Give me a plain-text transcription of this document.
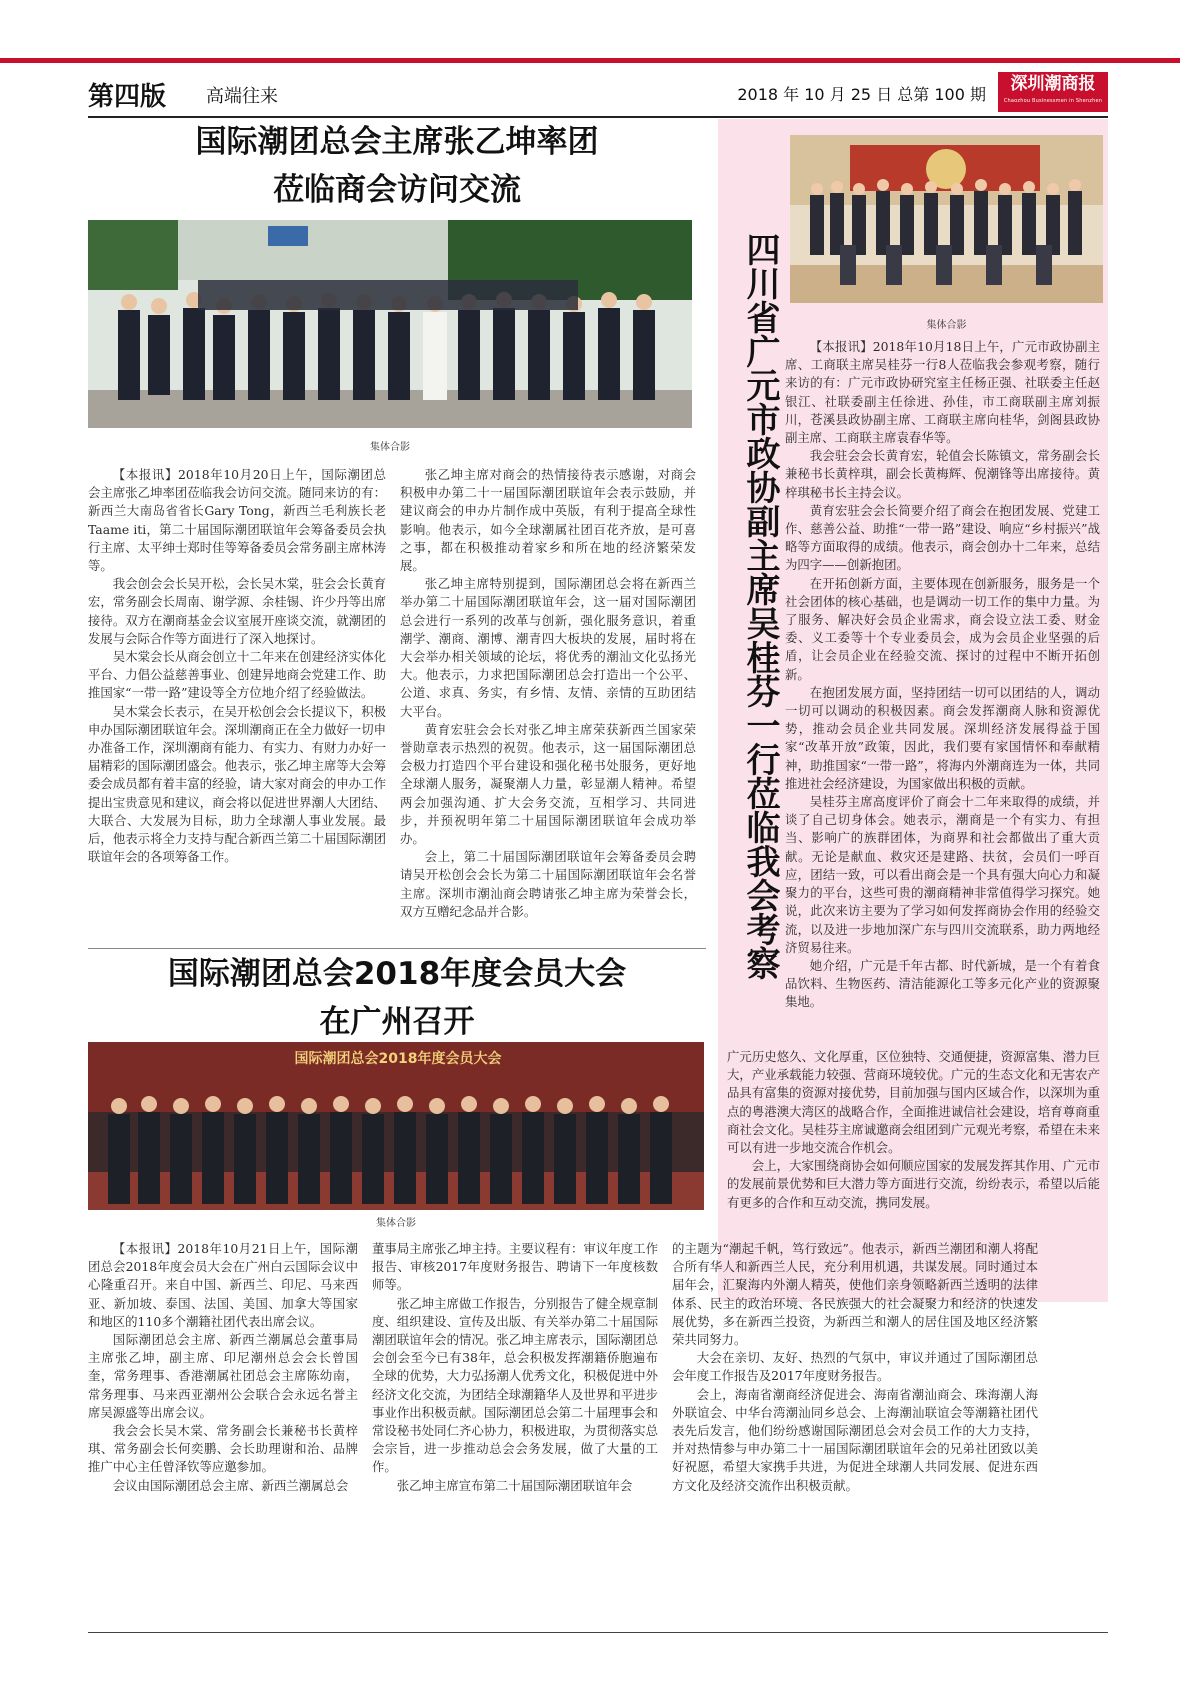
第四版 高端往来	2018 年 10 月 25 日 总第 100 期
深圳潮商报
Chaozhou Businessmen in Shenzhen
集体合影
四川省广元市政协副主席吴桂芬一行莅临我会考察	【本报讯】2018年10月18日上午，广元市政协副主席、工商联主席吴桂芬一行8人莅临我会参观考察，随行来访的有：广元市政协研究室主任杨正强、社联委主任赵银江、社联委副主任徐进、孙佳，市工商联副主席刘振川，苍溪县政协副主席、工商联主席向桂华，剑阁县政协副主席、工商联主席袁春华等。

我会驻会会长黄育宏，轮值会长陈镇文，常务副会长兼秘书长黄梓琪，副会长黄梅辉、倪潮锋等出席接待。黄梓琪秘书长主持会议。

黄育宏驻会会长简要介绍了商会在抱团发展、党建工作、慈善公益、助推“一带一路”建设、响应“乡村振兴”战略等方面取得的成绩。他表示，商会创办十二年来，总结为四字——创新抱团。

在开拓创新方面，主要体现在创新服务，服务是一个社会团体的核心基础，也是调动一切工作的集中力量。为了服务、解决好会员企业需求，商会设立法工委、财金委、义工委等十个专业委员会，成为会员企业坚强的后盾，让会员企业在经验交流、探讨的过程中不断开拓创新。

在抱团发展方面，坚持团结一切可以团结的人，调动一切可以调动的积极因素。商会发挥潮商人脉和资源优势，推动会员企业共同发展。深圳经济发展得益于国家“改革开放”政策，因此，我们要有家国情怀和奉献精神，助推国家“一带一路”，将海内外潮商连为一体，共同推进社会经济建设，为国家做出积极的贡献。

吴桂芬主席高度评价了商会十二年来取得的成绩，并谈了自己切身体会。她表示，潮商是一个有实力、有担当、影响广的族群团体，为商界和社会都做出了重大贡献。无论是献血、救灾还是建路、扶贫，会员们一呼百应，团结一致，可以看出商会是一个具有强大向心力和凝聚力的平台，这些可贵的潮商精神非常值得学习探究。她说，此次来访主要为了学习如何发挥商协会作用的经验交流，以及进一步地加深广东与四川交流联系，助力两地经济贸易往来。

她介绍，广元是千年古都、时代新城，是一个有着食品饮料、生物医药、清洁能源化工等多元化产业的资源聚集地。

广元历史悠久、文化厚重，区位独特、交通便捷，资源富集、潜力巨大，产业承载能力较强、营商环境较优。广元的生态文化和无害农产品具有富集的资源对接优势，目前加强与国内区域合作，以深圳为重点的粤港澳大湾区的战略合作，全面推进诚信社会建设，培育尊商重商社会文化。吴桂芬主席诚邀商会组团到广元观光考察，希望在未来可以有进一步地交流合作机会。

会上，大家围绕商协会如何顺应国家的发展发挥其作用、广元市的发展前景优势和巨大潜力等方面进行交流，纷纷表示，希望以后能有更多的合作和互动交流，携同发展。

国际潮团总会主席张乙坤率团
莅临商会访问交流
集体合影

【本报讯】2018年10月20日上午，国际潮团总会主席张乙坤率团莅临我会访问交流。随同来访的有：新西兰大南岛省省长Gary Tong，新西兰毛利族长老Taame iti，第二十届国际潮团联谊年会筹备委员会执行主席、太平绅士郑时佳等筹备委员会常务副主席林涛等。

我会创会会长吴开松，会长吴木棠，驻会会长黄育宏，常务副会长周南、谢学源、余桂锡、许少丹等出席接待。双方在潮商基金会议室展开座谈交流，就潮团的发展与会际合作等方面进行了深入地探讨。

吴木棠会长从商会创立十二年来在创建经济实体化平台、力倡公益慈善事业、创建异地商会党建工作、助推国家“一带一路”建设等全方位地介绍了经验做法。

吴木棠会长表示，在吴开松创会会长提议下，积极申办国际潮团联谊年会。深圳潮商正在全力做好一切申办准备工作，深圳潮商有能力、有实力、有财力办好一届精彩的国际潮团盛会。他表示，张乙坤主席等大会筹委会成员都有着丰富的经验，请大家对商会的申办工作提出宝贵意见和建议，商会将以促进世界潮人大团结、大联合、大发展为目标，助力全球潮人事业发展。最后，他表示将全力支持与配合新西兰第二十届国际潮团联谊年会的各项筹备工作。

张乙坤主席对商会的热情接待表示感谢，对商会积极申办第二十一届国际潮团联谊年会表示鼓励，并建议商会的申办片制作成中英版，有利于提高全球性影响。他表示，如今全球潮属社团百花齐放，是可喜之事，都在积极推动着家乡和所在地的经济繁荣发展。

张乙坤主席特别提到，国际潮团总会将在新西兰举办第二十届国际潮团联谊年会，这一届对国际潮团总会进行一系列的改革与创新，强化服务意识，着重潮学、潮商、潮博、潮青四大板块的发展，届时将在大会举办相关领域的论坛，将优秀的潮汕文化弘扬光大。他表示，力求把国际潮团总会打造出一个公平、公道、求真、务实，有乡情、友情、亲情的互助团结大平台。

黄育宏驻会会长对张乙坤主席荣获新西兰国家荣誉勋章表示热烈的祝贺。他表示，这一届国际潮团总会极力打造四个平台建设和强化秘书处服务，更好地全球潮人服务，凝聚潮人力量，彰显潮人精神。希望两会加强沟通、扩大会务交流，互相学习、共同进步，并预祝明年第二十届国际潮团联谊年会成功举办。

会上，第二十届国际潮团联谊年会筹备委员会聘请吴开松创会会长为第二十届国际潮团联谊年会名誉主席。深圳市潮汕商会聘请张乙坤主席为荣誉会长，双方互赠纪念品并合影。

国际潮团总会2018年度会员大会
在广州召开
国际潮团总会2018年度会员大会
集体合影

【本报讯】2018年10月21日上午，国际潮团总会2018年度会员大会在广州白云国际会议中心隆重召开。来自中国、新西兰、印尼、马来西亚、新加坡、泰国、法国、美国、加拿大等国家和地区的110多个潮籍社团代表出席会议。

国际潮团总会主席、新西兰潮属总会董事局主席张乙坤，副主席、印尼潮州总会会长曾国奎，常务理事、香港潮属社团总会主席陈幼南，常务理事、马来西亚潮州公会联合会永远名誉主席吴源盛等出席会议。

我会会长吴木棠、常务副会长兼秘书长黄梓琪、常务副会长何奕鹏、会长助理谢和治、品牌推广中心主任曾泽钦等应邀参加。

会议由国际潮团总会主席、新西兰潮属总会

董事局主席张乙坤主持。主要议程有：审议年度工作报告、审核2017年度财务报告、聘请下一年度核数师等。

张乙坤主席做工作报告，分别报告了健全规章制度、组织建设、宣传及出版、有关举办第二十届国际潮团联谊年会的情况。张乙坤主席表示，国际潮团总会创会至今已有38年，总会积极发挥潮籍侨胞遍布全球的优势，大力弘扬潮人优秀文化，积极促进中外经济文化交流，为团结全球潮籍华人及世界和平进步事业作出积极贡献。国际潮团总会第二十届理事会和常设秘书处同仁齐心协力，积极进取，为贯彻落实总会宗旨，进一步推动总会会务发展，做了大量的工作。

张乙坤主席宣布第二十届国际潮团联谊年会

的主题为“潮起千帆，笃行致远”。他表示，新西兰潮团和潮人将配合所有华人和新西兰人民，充分利用机遇，共谋发展。同时通过本届年会，汇聚海内外潮人精英，使他们亲身领略新西兰透明的法律体系、民主的政治环境、各民族强大的社会凝聚力和经济的快速发展优势，多在新西兰投资，为新西兰和潮人的居住国及地区经济繁荣共同努力。

大会在亲切、友好、热烈的气氛中，审议并通过了国际潮团总会年度工作报告及2017年度财务报告。

会上，海南省潮商经济促进会、海南省潮汕商会、珠海潮人海外联谊会、中华台湾潮汕同乡总会、上海潮汕联谊会等潮籍社团代表先后发言，他们纷纷感谢国际潮团总会对会员工作的大力支持，并对热情参与申办第二十一届国际潮团联谊年会的兄弟社团致以美好祝愿，希望大家携手共进，为促进全球潮人共同发展、促进东西方文化及经济交流作出积极贡献。
